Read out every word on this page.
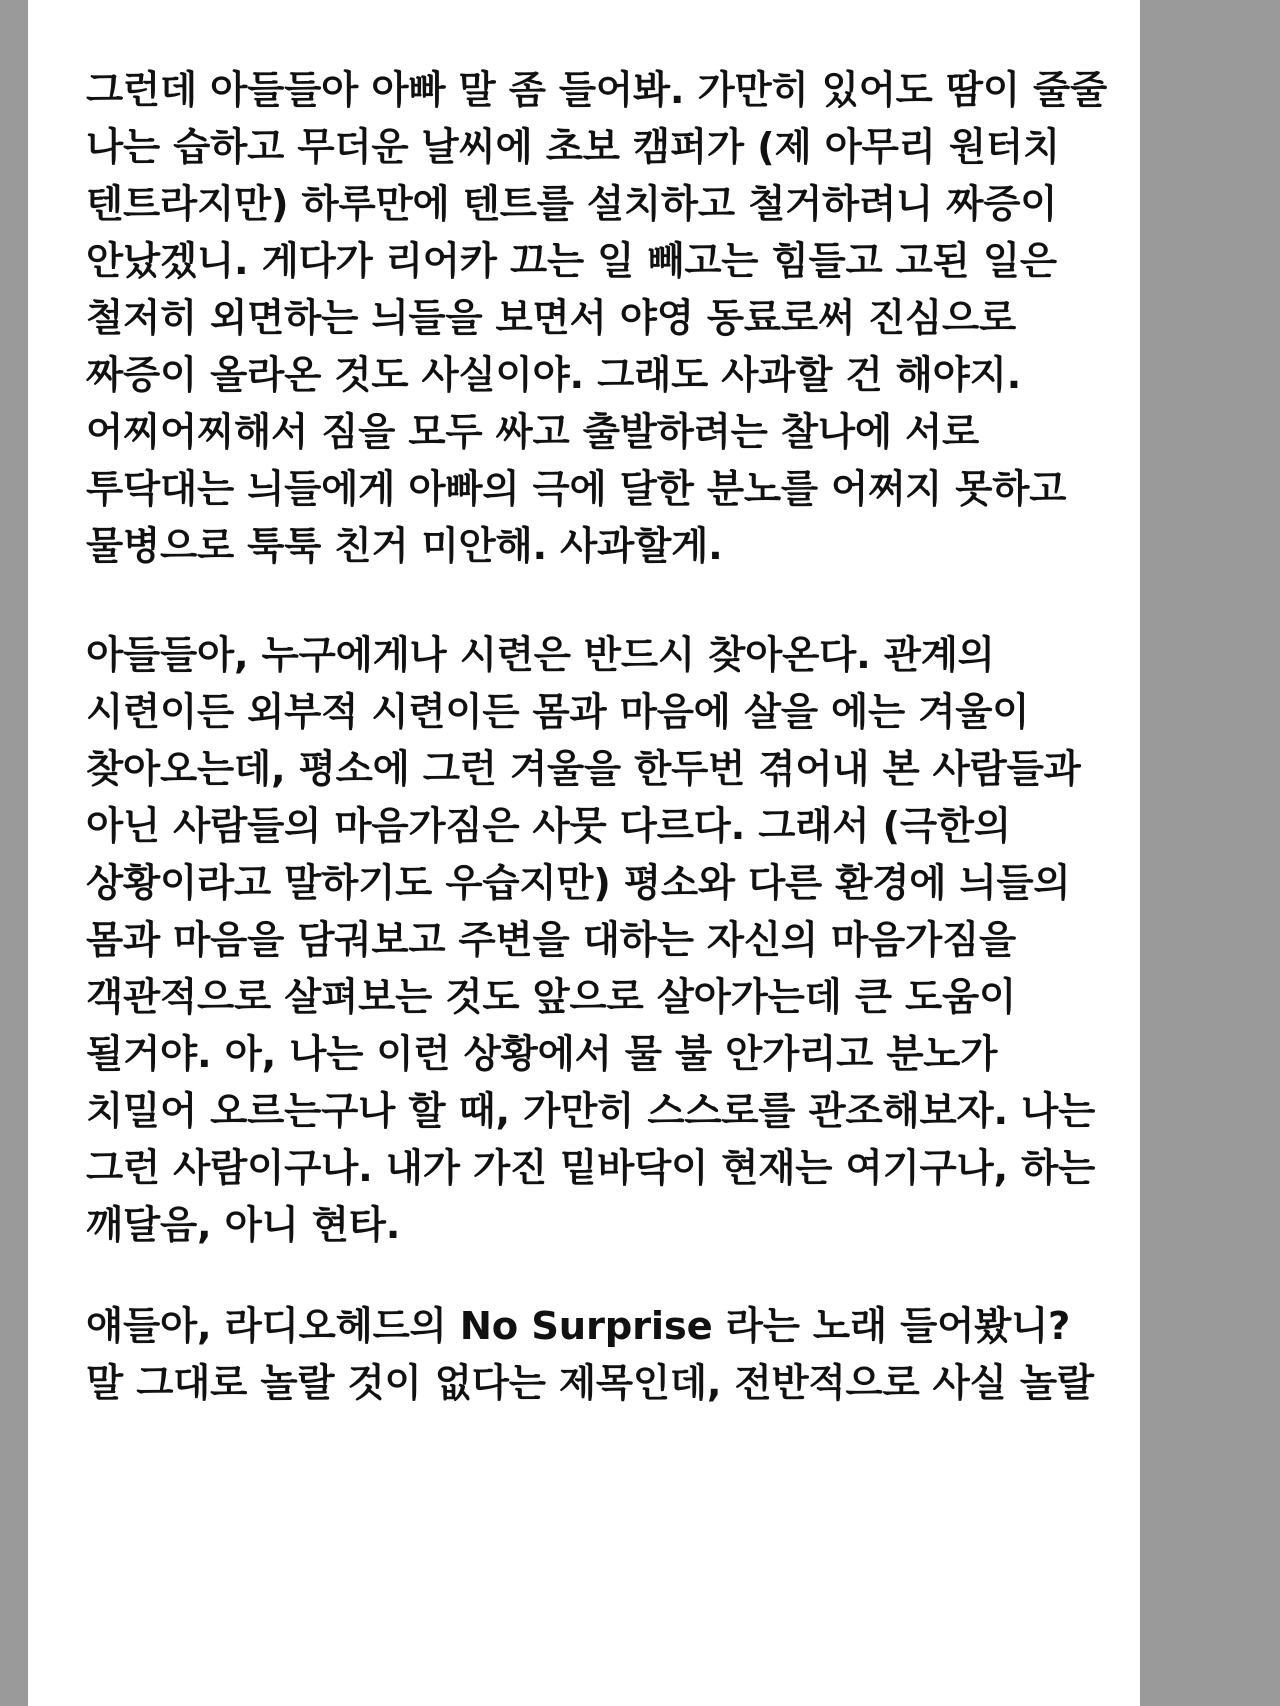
그런데 아들들아 아빠 말 좀 들어봐. 가만히 있어도 땀이 줄줄 나는 습하고 무더운 날씨에 초보 캠퍼가 (제 아무리 원터치 텐트라지만) 하루만에 텐트를 설치하고 철거하려니 짜증이 안났겠니. 게다가 리어카 끄는 일 빼고는 힘들고 고된 일은 철저히 외면하는 늬들을 보면서 야영 동료로써 진심으로 짜증이 올라온 것도 사실이야. 그래도 사과할 건 해야지. 어찌어찌해서 짐을 모두 싸고 출발하려는 찰나에 서로 투닥대는 늬들에게 아빠의 극에 달한 분노를 어쩌지 못하고 물병으로 툭툭 친거 미안해. 사과할게.

아들들아, 누구에게나 시련은 반드시 찾아온다. 관계의 시련이든 외부적 시련이든 몸과 마음에 살을 에는 겨울이 찾아오는데, 평소에 그런 겨울을 한두번 겪어내 본 사람들과 아닌 사람들의 마음가짐은 사뭇 다르다. 그래서 (극한의 상황이라고 말하기도 우습지만) 평소와 다른 환경에 늬들의 몸과 마음을 담궈보고 주변을 대하는 자신의 마음가짐을 객관적으로 살펴보는 것도 앞으로 살아가는데 큰 도움이 될거야. 아, 나는 이런 상황에서 물 불 안가리고 분노가 치밀어 오르는구나 할 때, 가만히 스스로를 관조해보자. 나는 그런 사람이구나. 내가 가진 밑바닥이 현재는 여기구나, 하는 깨달음, 아니 현타.

얘들아, 라디오헤드의 No Surprise 라는 노래 들어봤니? 말 그대로 놀랄 것이 없다는 제목인데, 전반적으로 사실 놀랄
